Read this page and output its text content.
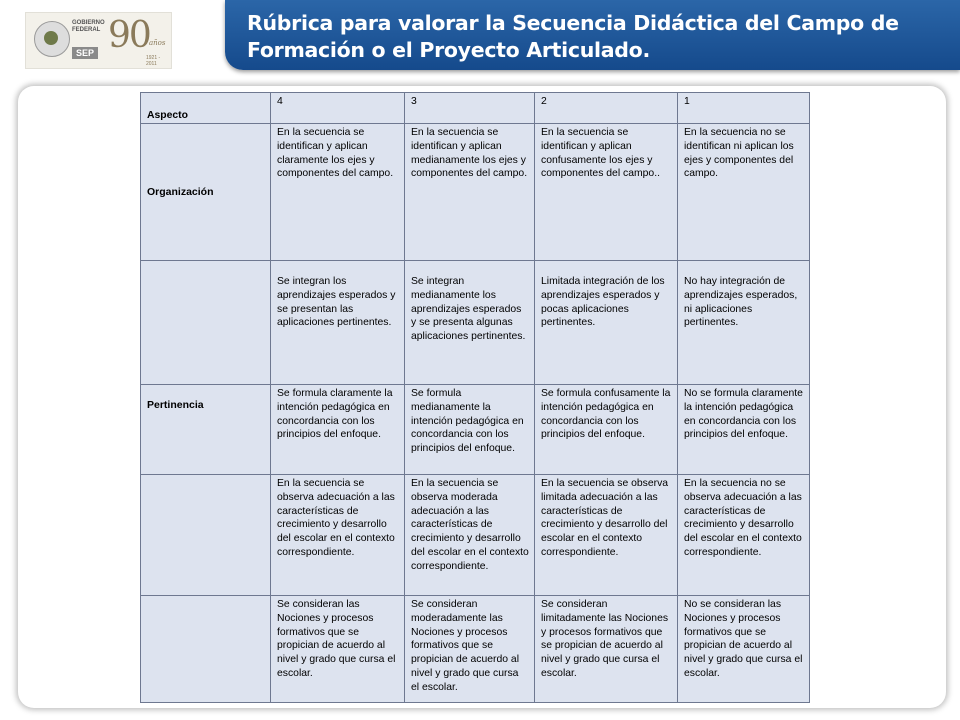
GOBIERNO FEDERAL
SEP 90 años
1921 - 2011
Rúbrica para valorar la Secuencia Didáctica del Campo de Formación o el Proyecto Articulado.
Aspecto	4	3	2	1
Organización	En la secuencia se identifican y aplican claramente los ejes y componentes del campo.	En la secuencia se identifican y aplican medianamente los ejes y componentes del campo.	En la secuencia se identifican y aplican confusamente los ejes y componentes del campo..	En la secuencia no se identifican ni aplican los ejes y componentes del campo.
	Se integran los aprendizajes esperados y se presentan las aplicaciones pertinentes.	Se integran medianamente los aprendizajes esperados y se presenta algunas aplicaciones pertinentes.	Limitada integración de los aprendizajes esperados y pocas aplicaciones pertinentes.	No hay integración de aprendizajes esperados, ni aplicaciones pertinentes.
Pertinencia	Se formula claramente la intención pedagógica en concordancia con los principios del enfoque.	Se formula medianamente la intención pedagógica en concordancia con los principios del enfoque.	Se formula confusamente la intención pedagógica en concordancia con los principios del enfoque.	No se formula claramente la intención pedagógica en concordancia con los principios del enfoque.
	En la secuencia se observa adecuación a las características de crecimiento y desarrollo del escolar en el contexto correspondiente.	En la secuencia se observa moderada adecuación a las características de crecimiento y desarrollo del escolar en el contexto correspondiente.	En la secuencia se observa limitada adecuación a las características de crecimiento y desarrollo del escolar en el contexto correspondiente.	En la secuencia no se observa adecuación a las características de crecimiento y desarrollo del escolar en el contexto correspondiente.
	Se consideran las Nociones y procesos formativos que se propician de acuerdo al nivel y grado que cursa el escolar.	Se consideran moderadamente las Nociones y procesos formativos que se propician de acuerdo al nivel y grado que cursa el escolar.	Se consideran limitadamente las Nociones y procesos formativos que se propician de acuerdo al nivel y grado que cursa el escolar.	No se consideran las Nociones y procesos formativos que se propician de acuerdo al nivel y grado que cursa el escolar.
